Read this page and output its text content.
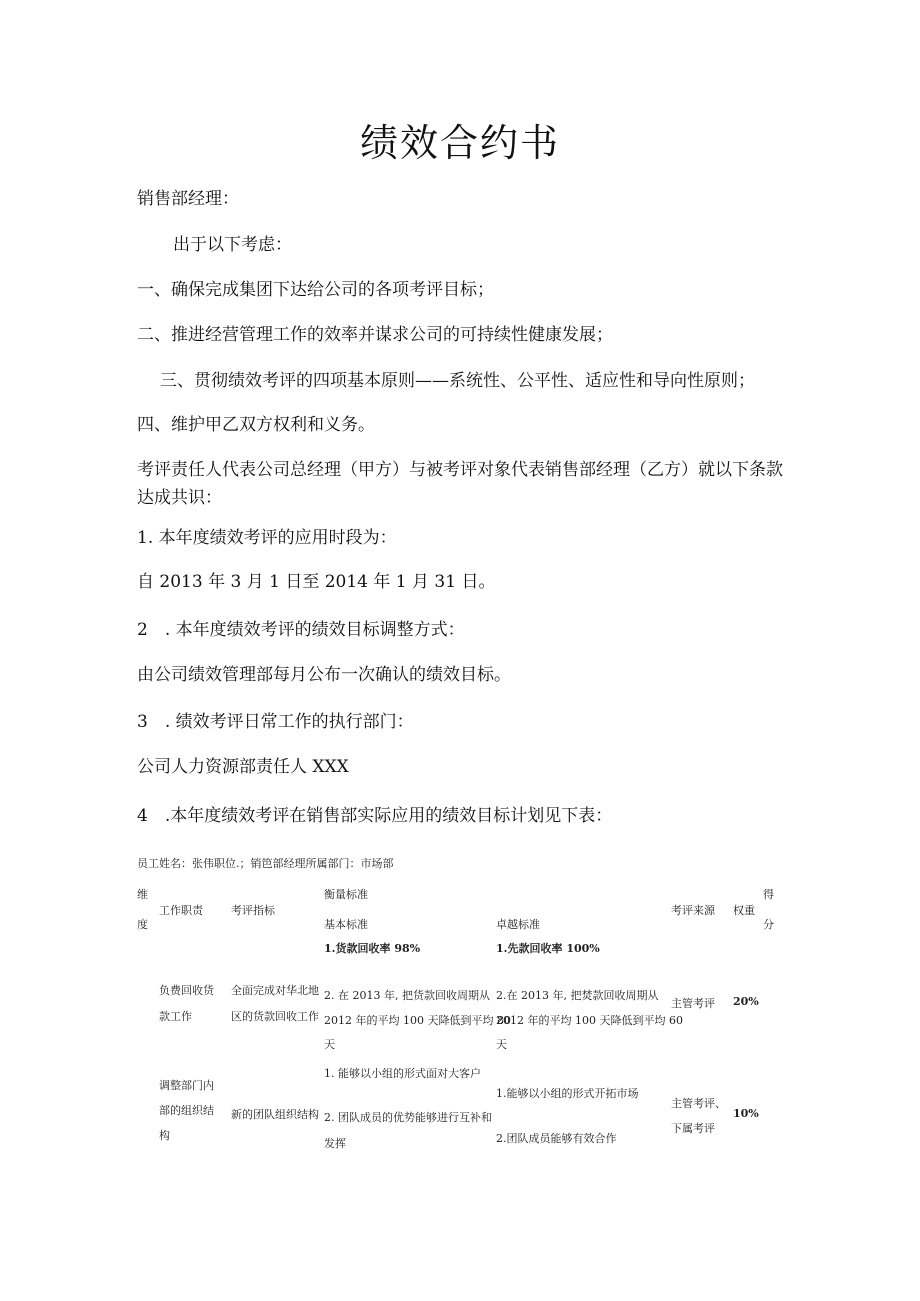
绩效合约书
销售部经理：
出于以下考虑：
一、确保完成集团下达给公司的各项考评目标；
二、推进经营管理工作的效率并谋求公司的可持续性健康发展；
三、贯彻绩效考评的四项基本原则——系统性、公平性、适应性和导向性原则；
四、维护甲乙双方权利和义务。
考评责任人代表公司总经理（甲方）与被考评对象代表销售部经理（乙方）就以下条款
达成共识：
1. 本年度绩效考评的应用时段为：
自 2013 年 3 月 1 日至 2014 年 1 月 31 日。
2　. 本年度绩效考评的绩效目标调整方式：
由公司绩效管理部每月公布一次确认的绩效目标。
3　. 绩效考评日常工作的执行部门：
公司人力资源部责任人 XXX
4　.本年度绩效考评在销售部实际应用的绩效目标计划见下表：
员工姓名：张伟职位.；销笆部经理所属部门：市场部
维
度
工作职责	考评指标
衡量标准
基本标准	卓越标准
考评来源 权重
得
分
负费回收货
款工作
全面完成对华北地
区的货款回收工作
1.货款回收率 98%
2. 在 2013 年, 把货款回收周期从
2012 年的平均 100 天降低到平均 80
天
1.先款回收率 100%
2.在 2013 年, 把焚款回收周期从
2012 年的平均 100 天降低到平均 60
天
主管考评 20%
调整部门内
部的组织结
构
新的团队组织结构
1. 能够以小组的形式面对大客户
2. 团队成员的优势能够进行互补和
发挥
1.能够以小组的形式开拓市场
2.团队成员能够有效合作
主管考评、
下属考评
10%
